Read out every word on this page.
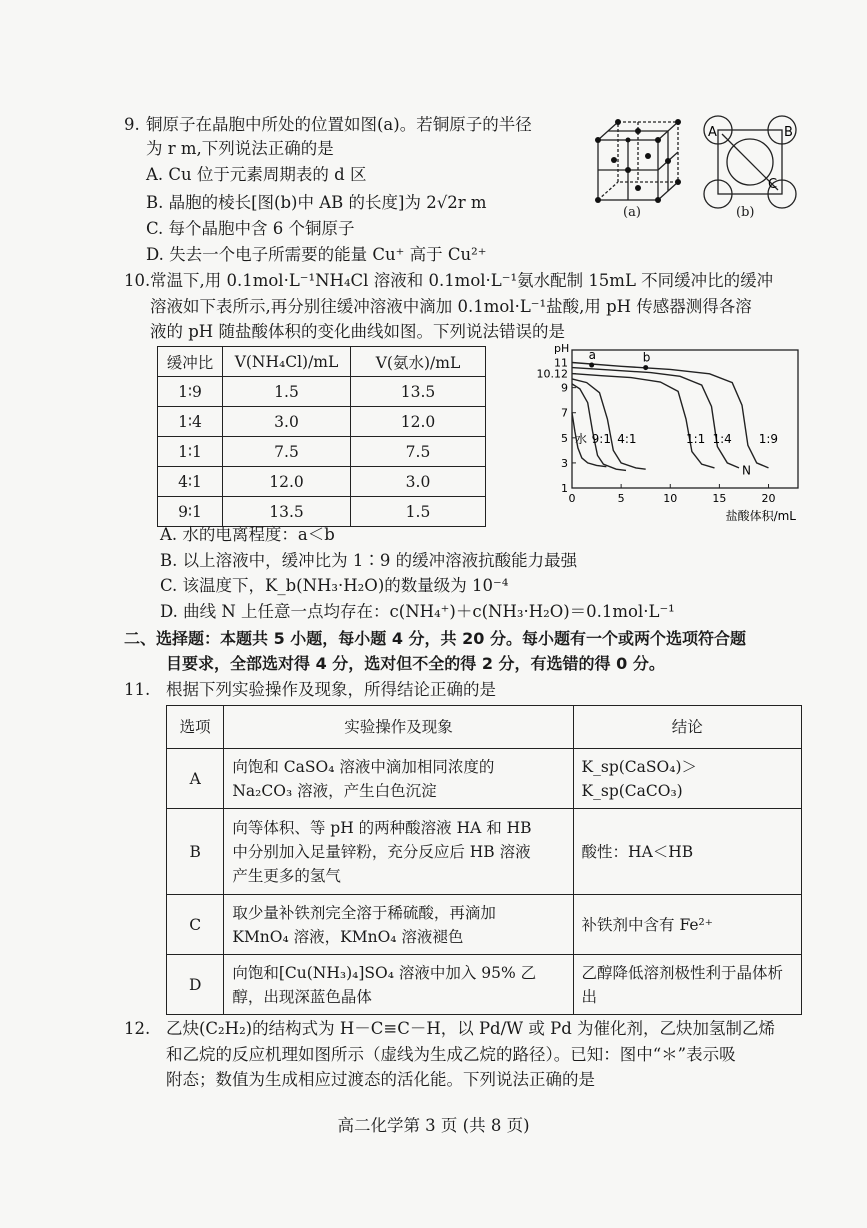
9. 铜原子在晶胞中所处的位置如图(a)。若铜原子的半径
为 r m,下列说法正确的是
A. Cu 位于元素周期表的 d 区
B. 晶胞的棱长[图(b)中 AB 的长度]为 2√2r m
C. 每个晶胞中含 6 个铜原子
D. 失去一个电子所需要的能量 Cu⁺ 高于 Cu²⁺
(a)
A	B
C
(b)
10. 常温下,用 0.1mol·L⁻¹NH₄Cl 溶液和 0.1mol·L⁻¹氨水配制 15mL 不同缓冲比的缓冲
溶液如下表所示,再分别往缓冲溶液中滴加 0.1mol·L⁻¹盐酸,用 pH 传感器测得各溶
液的 pH 随盐酸体积的变化曲线如图。下列说法错误的是
缓冲比	V(NH₄Cl)/mL	V(氨水)/mL
1∶9	1.5	13.5
1∶4	3.0	12.0
1∶1	7.5	7.5
4∶1	12.0	3.0
9∶1	13.5	1.5
pH
1
3
5
7
9
10.12
11
0	5	10	15	20
盐酸体积/mL
水 9:1 4:1	1:1 1:4 1:9
N
a	b
A. 水的电离程度：a＜b
B. 以上溶液中，缓冲比为 1∶9 的缓冲溶液抗酸能力最强
C. 该温度下，K_b(NH₃·H₂O)的数量级为 10⁻⁴
D. 曲线 N 上任意一点均存在：c(NH₄⁺)＋c(NH₃·H₂O)＝0.1mol·L⁻¹
二、选择题：本题共 5 小题，每小题 4 分，共 20 分。每小题有一个或两个选项符合题
目要求，全部选对得 4 分，选对但不全的得 2 分，有选错的得 0 分。
11. 根据下列实验操作及现象，所得结论正确的是
选项	实验操作及现象	结论
A	向饱和 CaSO₄ 溶液中滴加相同浓度的
Na₂CO₃ 溶液，产生白色沉淀	K_sp(CaSO₄)＞K_sp(CaCO₃)
B	向等体积、等 pH 的两种酸溶液 HA 和 HB
中分别加入足量锌粉，充分反应后 HB 溶液
产生更多的氢气	酸性：HA＜HB
C	取少量补铁剂完全溶于稀硫酸，再滴加
KMnO₄ 溶液，KMnO₄ 溶液褪色	补铁剂中含有 Fe²⁺
D	向饱和[Cu(NH₃)₄]SO₄ 溶液中加入 95% 乙
醇，出现深蓝色晶体	乙醇降低溶剂极性利于晶体析出
12. 乙炔(C₂H₂)的结构式为 H－C≡C－H，以 Pd/W 或 Pd 为催化剂，乙炔加氢制乙烯
和乙烷的反应机理如图所示（虚线为生成乙烷的路径）。已知：图中“＊”表示吸
附态；数值为生成相应过渡态的活化能。下列说法正确的是
高二化学第 3 页 (共 8 页)
